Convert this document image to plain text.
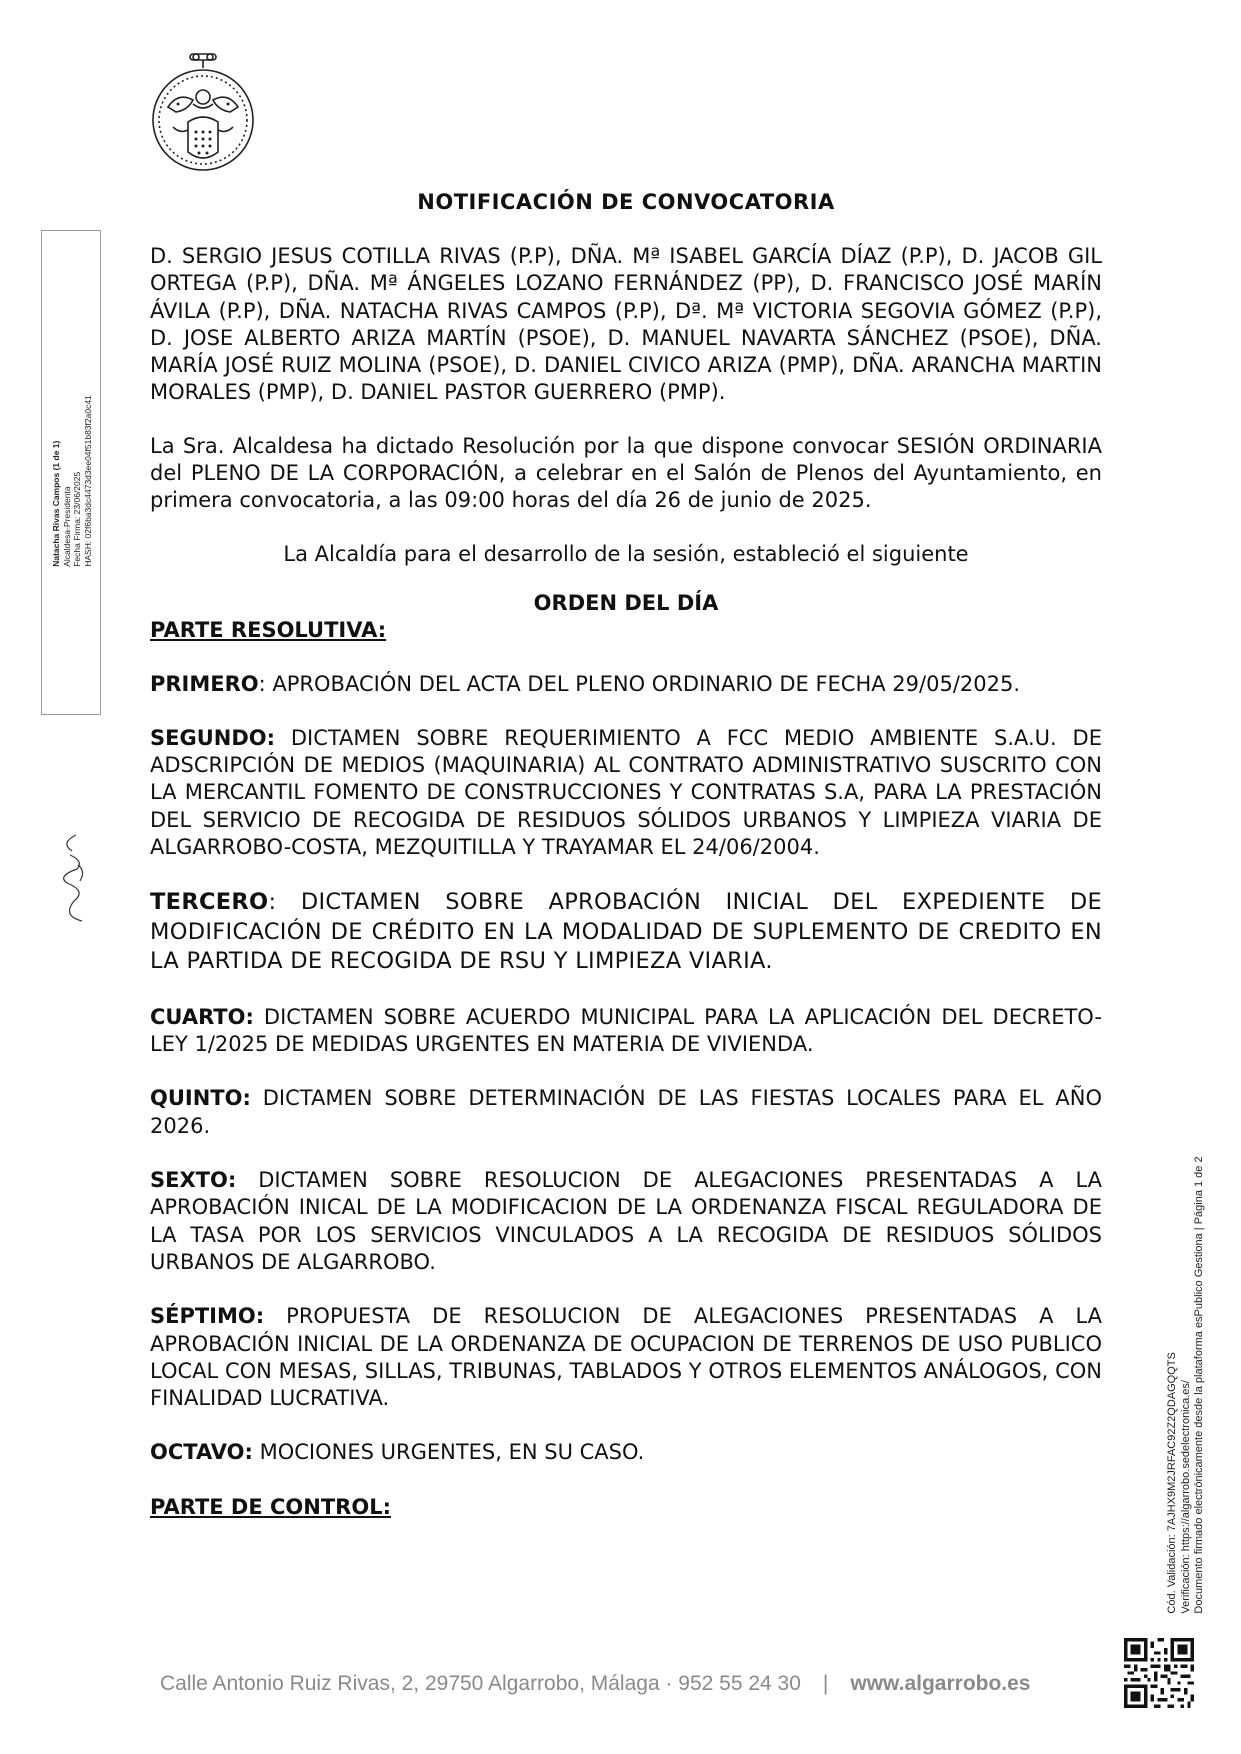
Natacha Rivas Campos (1 de 1) Alcaldesa-Presidenta Fecha Firma: 23/06/2025 HASH: 02f6ba3dc4473d3ee04f51b83f2a0c41
NOTIFICACIÓN DE CONVOCATORIA

D. SERGIO JESUS COTILLA RIVAS (P.P), DÑA. Mª ISABEL GARCÍA DÍAZ (P.P), D. JACOB GIL ORTEGA (P.P), DÑA. Mª ÁNGELES LOZANO FERNÁNDEZ (PP), D. FRANCISCO JOSÉ MARÍN ÁVILA (P.P), DÑA. NATACHA RIVAS CAMPOS (P.P), Dª. Mª VICTORIA SEGOVIA GÓMEZ (P.P), D. JOSE ALBERTO ARIZA MARTÍN (PSOE), D. MANUEL NAVARTA SÁNCHEZ (PSOE), DÑA. MARÍA JOSÉ RUIZ MOLINA (PSOE), D. DANIEL CIVICO ARIZA (PMP), DÑA. ARANCHA MARTIN MORALES (PMP), D. DANIEL PASTOR GUERRERO (PMP).

La Sra. Alcaldesa ha dictado Resolución por la que dispone convocar SESIÓN ORDINARIA del PLENO DE LA CORPORACIÓN, a celebrar en el Salón de Plenos del Ayuntamiento, en primera convocatoria, a las 09:00 horas del día 26 de junio de 2025.

La Alcaldía para el desarrollo de la sesión, estableció el siguiente

ORDEN DEL DÍA

PARTE RESOLUTIVA:

PRIMERO: APROBACIÓN DEL ACTA DEL PLENO ORDINARIO DE FECHA 29/05/2025.

SEGUNDO: DICTAMEN SOBRE REQUERIMIENTO A FCC MEDIO AMBIENTE S.A.U. DE ADSCRIPCIÓN DE MEDIOS (MAQUINARIA) AL CONTRATO ADMINISTRATIVO SUSCRITO CON LA MERCANTIL FOMENTO DE CONSTRUCCIONES Y CONTRATAS S.A, PARA LA PRESTACIÓN DEL SERVICIO DE RECOGIDA DE RESIDUOS SÓLIDOS URBANOS Y LIMPIEZA VIARIA DE ALGARROBO-COSTA, MEZQUITILLA Y TRAYAMAR EL 24/06/2004.

TERCERO: DICTAMEN SOBRE APROBACIÓN INICIAL DEL EXPEDIENTE DE MODIFICACIÓN DE CRÉDITO EN LA MODALIDAD DE SUPLEMENTO DE CREDITO EN LA PARTIDA DE RECOGIDA DE RSU Y LIMPIEZA VIARIA.

CUARTO: DICTAMEN SOBRE ACUERDO MUNICIPAL PARA LA APLICACIÓN DEL DECRETO-LEY 1/2025 DE MEDIDAS URGENTES EN MATERIA DE VIVIENDA.

QUINTO: DICTAMEN SOBRE DETERMINACIÓN DE LAS FIESTAS LOCALES PARA EL AÑO 2026.

SEXTO: DICTAMEN SOBRE RESOLUCION DE ALEGACIONES PRESENTADAS A LA APROBACIÓN INICAL DE LA MODIFICACION DE LA ORDENANZA FISCAL REGULADORA DE LA TASA POR LOS SERVICIOS VINCULADOS A LA RECOGIDA DE RESIDUOS SÓLIDOS URBANOS DE ALGARROBO.

SÉPTIMO: PROPUESTA DE RESOLUCION DE ALEGACIONES PRESENTADAS A LA APROBACIÓN INICIAL DE LA ORDENANZA DE OCUPACION DE TERRENOS DE USO PUBLICO LOCAL CON MESAS, SILLAS, TRIBUNAS, TABLADOS Y OTROS ELEMENTOS ANÁLOGOS, CON FINALIDAD LUCRATIVA.

OCTAVO: MOCIONES URGENTES, EN SU CASO.

PARTE DE CONTROL:	Cód. Validación: 7AJHX9M2JRFAC92Z2QDAGQQTS Verificación: https://algarrobo.sedelectronica.es/ Documento firmado electrónicamente desde la plataforma esPublico Gestiona | Página 1 de 2
Calle Antonio Ruiz Rivas, 2, 29750 Algarrobo, Málaga · 952 55 24 30 | www.algarrobo.es
